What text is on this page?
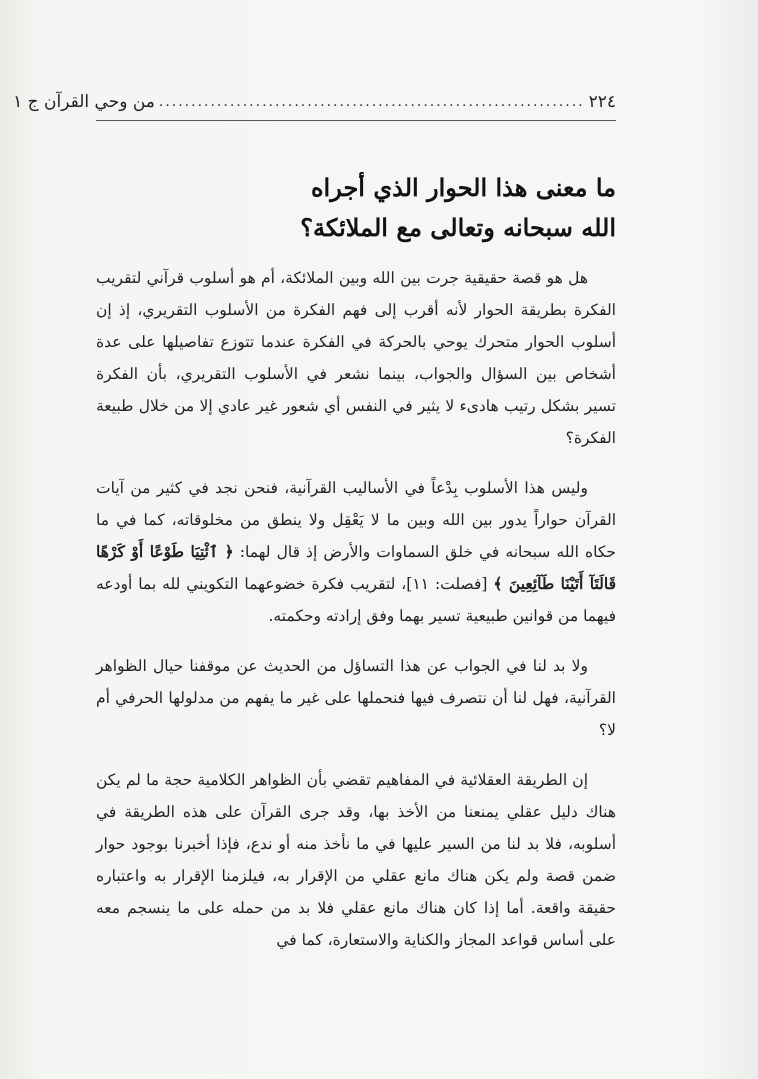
٢٢٤
..................................................................
من وحي القرآن ج ١
ما معنى هذا الحوار الذي أجراه
الله سبحانه وتعالى مع الملائكة؟

هل هو قصة حقيقية جرت بين الله وبين الملائكة، أم هو أسلوب قرآني لتقريب الفكرة بطريقة الحوار لأنه أقرب إلى فهم الفكرة من الأسلوب التقريري، إذ إن أسلوب الحوار متحرك يوحي بالحركة في الفكرة عندما تتوزع تفاصيلها على عدة أشخاص بين السؤال والجواب، بينما نشعر في الأسلوب التقريري، بأن الفكرة تسير بشكل رتيب هادىء لا يثير في النفس أي شعور غير عادي إلا من خلال طبيعة الفكرة؟

وليس هذا الأسلوب بِدْعاً في الأساليب القرآنية، فنحن نجد في كثير من آيات القرآن حواراً يدور بين الله وبين ما لا يَعْقِل ولا ينطق من مخلوقاته، كما في ما حكاه الله سبحانه في خلق السماوات والأرض إذ قال لهما: ﴿ ٱئْتِيَا طَوْعًا أَوْ كَرْهًا قَالَتَآ أَتَيْنَا طَآئِعِينَ ﴾ [فصلت: ١١]، لتقريب فكرة خضوعهما التكويني لله بما أودعه فيهما من قوانين طبيعية تسير بهما وفق إرادته وحكمته.

ولا بد لنا في الجواب عن هذا التساؤل من الحديث عن موقفنا حيال الظواهر القرآنية، فهل لنا أن نتصرف فيها فنحملها على غير ما يفهم من مدلولها الحرفي أم لا؟

إن الطريقة العقلائية في المفاهيم تقضي بأن الظواهر الكلامية حجة ما لم يكن هناك دليل عقلي يمنعنا من الأخذ بها، وقد جرى القرآن على هذه الطريقة في أسلوبه، فلا بد لنا من السير عليها في ما نأخذ منه أو ندع، فإذا أخبرنا بوجود حوار ضمن قصة ولم يكن هناك مانع عقلي من الإقرار به، فيلزمنا الإقرار به واعتباره حقيقة واقعة. أما إذا كان هناك مانع عقلي فلا بد من حمله على ما ينسجم معه على أساس قواعد المجاز والكناية والاستعارة، كما في
